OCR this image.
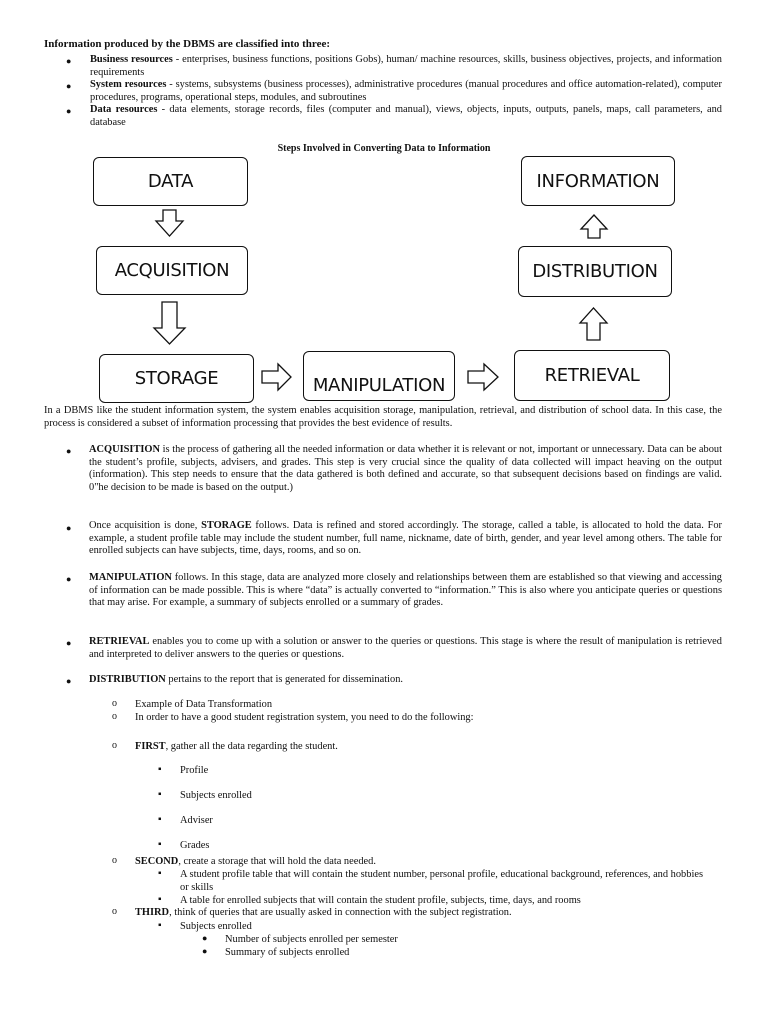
Information produced by the DBMS are classified into three:
● Business resources - enterprises, business functions, positions Gobs), human/ machine resources, skills, business objectives, projects, and information requirements
● System resources - systems, subsystems (business processes), administrative procedures (manual procedures and office automation-related), computer procedures, programs, operational steps, modules, and subroutines
● Data resources - data elements, storage records, files (computer and manual), views, objects, inputs, outputs, panels, maps, call parameters, and database
Steps Involved in Converting Data to Information
DATA
ACQUISITION
STORAGE	MANIPULATION	RETRIEVAL
DISTRIBUTION
INFORMATION
In a DBMS like the student information system, the system enables acquisition storage, manipulation, retrieval, and distribution of school data. In this case, the process is considered a subset of information processing that provides the best evidence of results.
● ACQUISITION is the process of gathering all the needed information or data whether it is relevant or not, important or unnecessary. Data can be about the student’s profile, subjects, advisers, and grades. This step is very crucial since the quality of data collected will impact heaving on the output (information). This step needs to ensure that the data gathered is both defined and accurate, so that subsequent decisions based on findings are valid. 0"he decision to be made is based on the output.)
● Once acquisition is done, STORAGE follows. Data is refined and stored accordingly. The storage, called a table, is allocated to hold the data. For example, a student profile table may include the student number, full name, nickname, date of birth, gender, and year level among others. The table for enrolled subjects can have subjects, time, days, rooms, and so on.
● MANIPULATION follows. In this stage, data are analyzed more closely and relationships between them are established so that viewing and accessing of information can be made possible. This is where “data” is actually converted to “information.” This is also where you anticipate queries or questions that may arise. For example, a summary of subjects enrolled or a summary of grades.
● RETRIEVAL enables you to come up with a solution or answer to the queries or questions. This stage is where the result of manipulation is retrieved and interpreted to deliver answers to the queries or questions.
● DISTRIBUTION pertains to the report that is generated for dissemination.
o Example of Data Transformation
o In order to have a good student registration system, you need to do the following:
o FIRST, gather all the data regarding the student.
▪ Profile
▪ Subjects enrolled
▪ Adviser
▪ Grades
o SECOND, create a storage that will hold the data needed.
▪ A student profile table that will contain the student number, personal profile, educational background, references, and hobbies or skills
▪ A table for enrolled subjects that will contain the student profile, subjects, time, days, and rooms
o THIRD, think of queries that are usually asked in connection with the subject registration.
▪ Subjects enrolled
● Number of subjects enrolled per semester
● Summary of subjects enrolled
